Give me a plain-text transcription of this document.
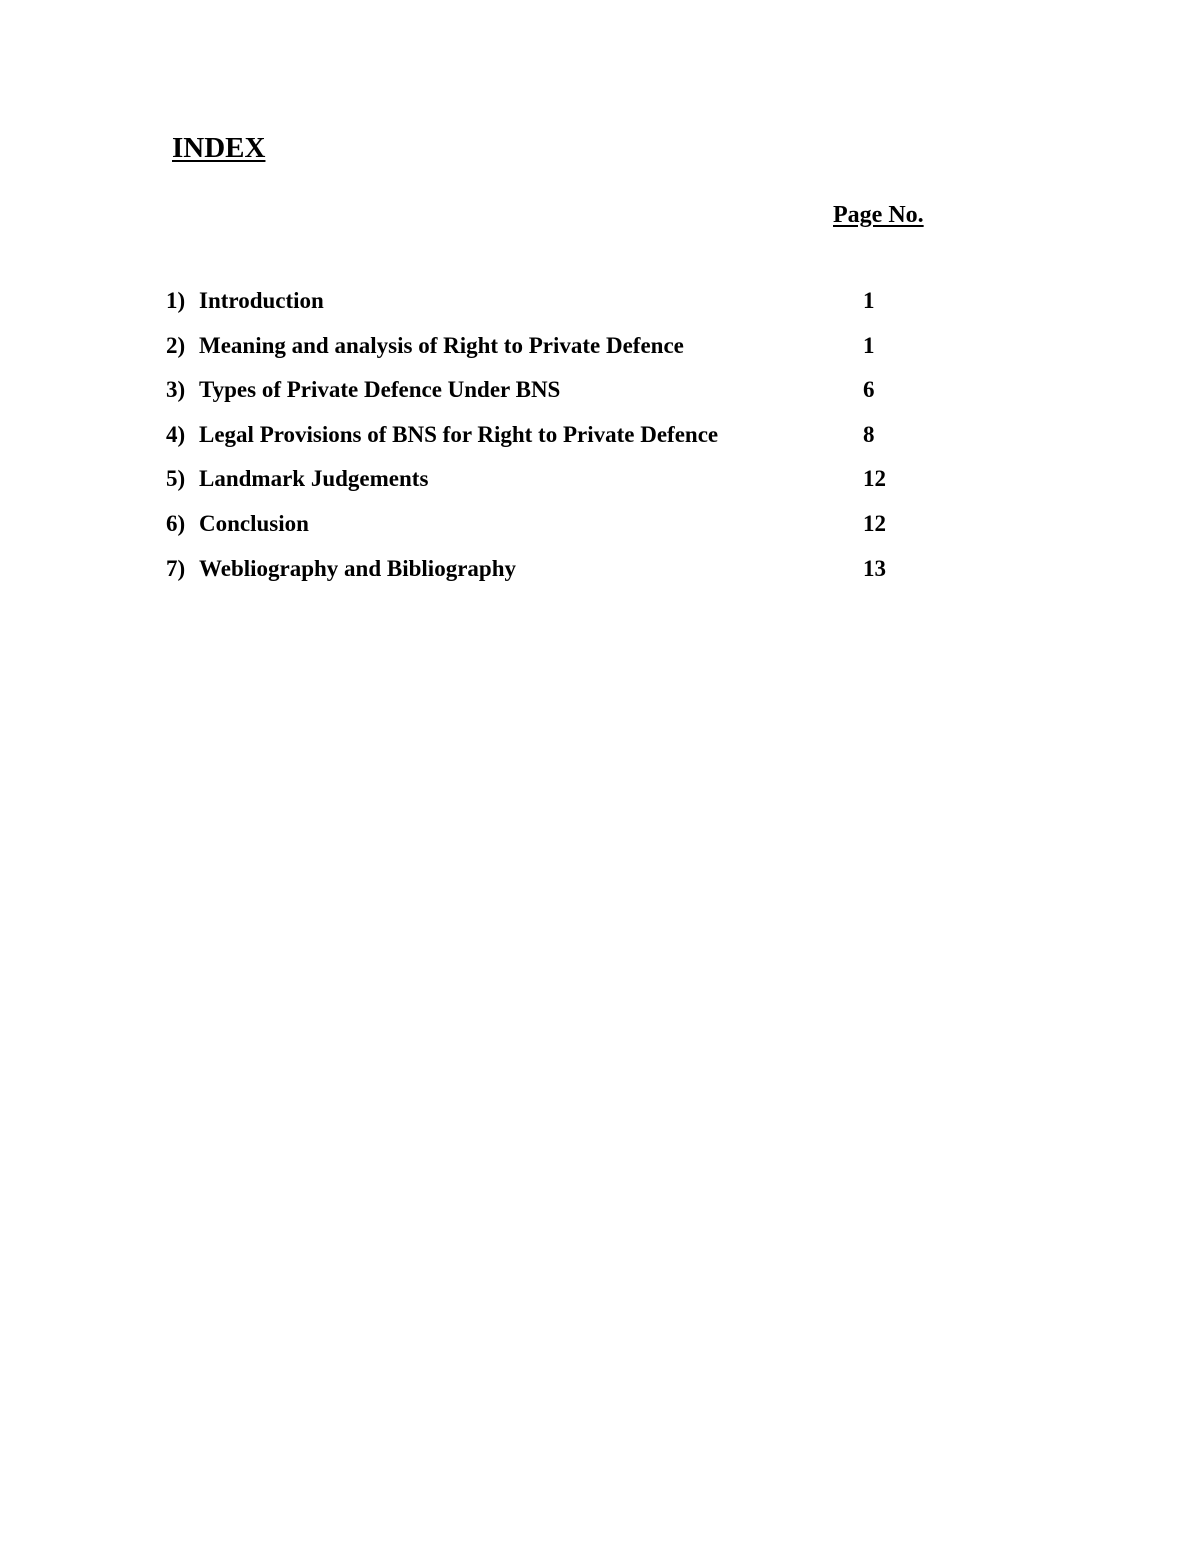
INDEX
Page No.
1) Introduction	1
2) Meaning and analysis of Right to Private Defence	1
3) Types of Private Defence Under BNS	6
4) Legal Provisions of BNS for Right to Private Defence	8
5) Landmark Judgements	12
6) Conclusion	12
7) Webliography and Bibliography	13
